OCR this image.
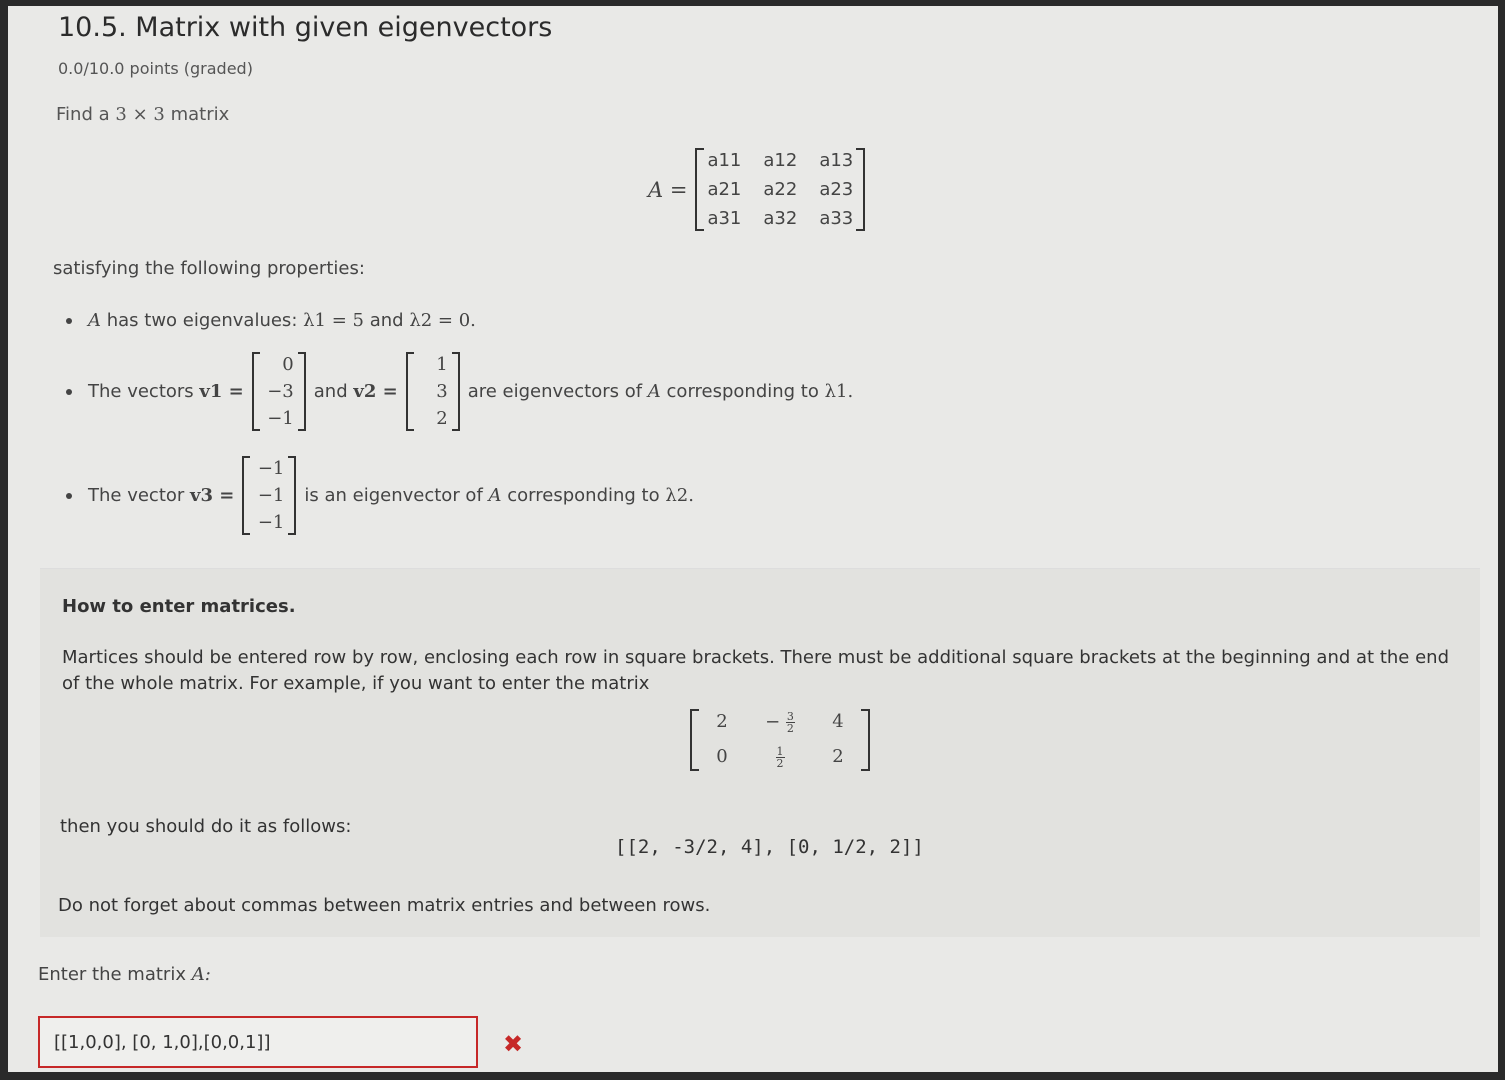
10.5. Matrix with given eigenvectors
0.0/10.0 points (graded)
Find a 3 × 3 matrix
A =
a11 a12 a13
a21 a22 a23
a31 a32 a33
satisfying the following properties:
A
has two eigenvalues:
λ1 = 5
and
λ2 = 0.
The vectors
v1 =
0
−3
−1
and
v2 =
1
3
2
are eigenvectors of
A
corresponding to
λ1.
The vector
v3 =
−1
−1
−1
is an eigenvector of
A
corresponding to
λ2.
How to enter matrices.
Martices should be entered row by row, enclosing each row in square brackets. There must be additional square brackets at the beginning and at the end of the whole matrix. For example, if you want to enter the matrix
2	− $\frac{3}{2}$	4
0	$\frac{1}{2}$	2
then you should do it as follows:
[[2, -3/2, 4], [0, 1/2, 2]]
Do not forget about commas between matrix entries and between rows.
Enter the matrix A:
[[1,0,0], [0, 1,0],[0,0,1]]
✖
